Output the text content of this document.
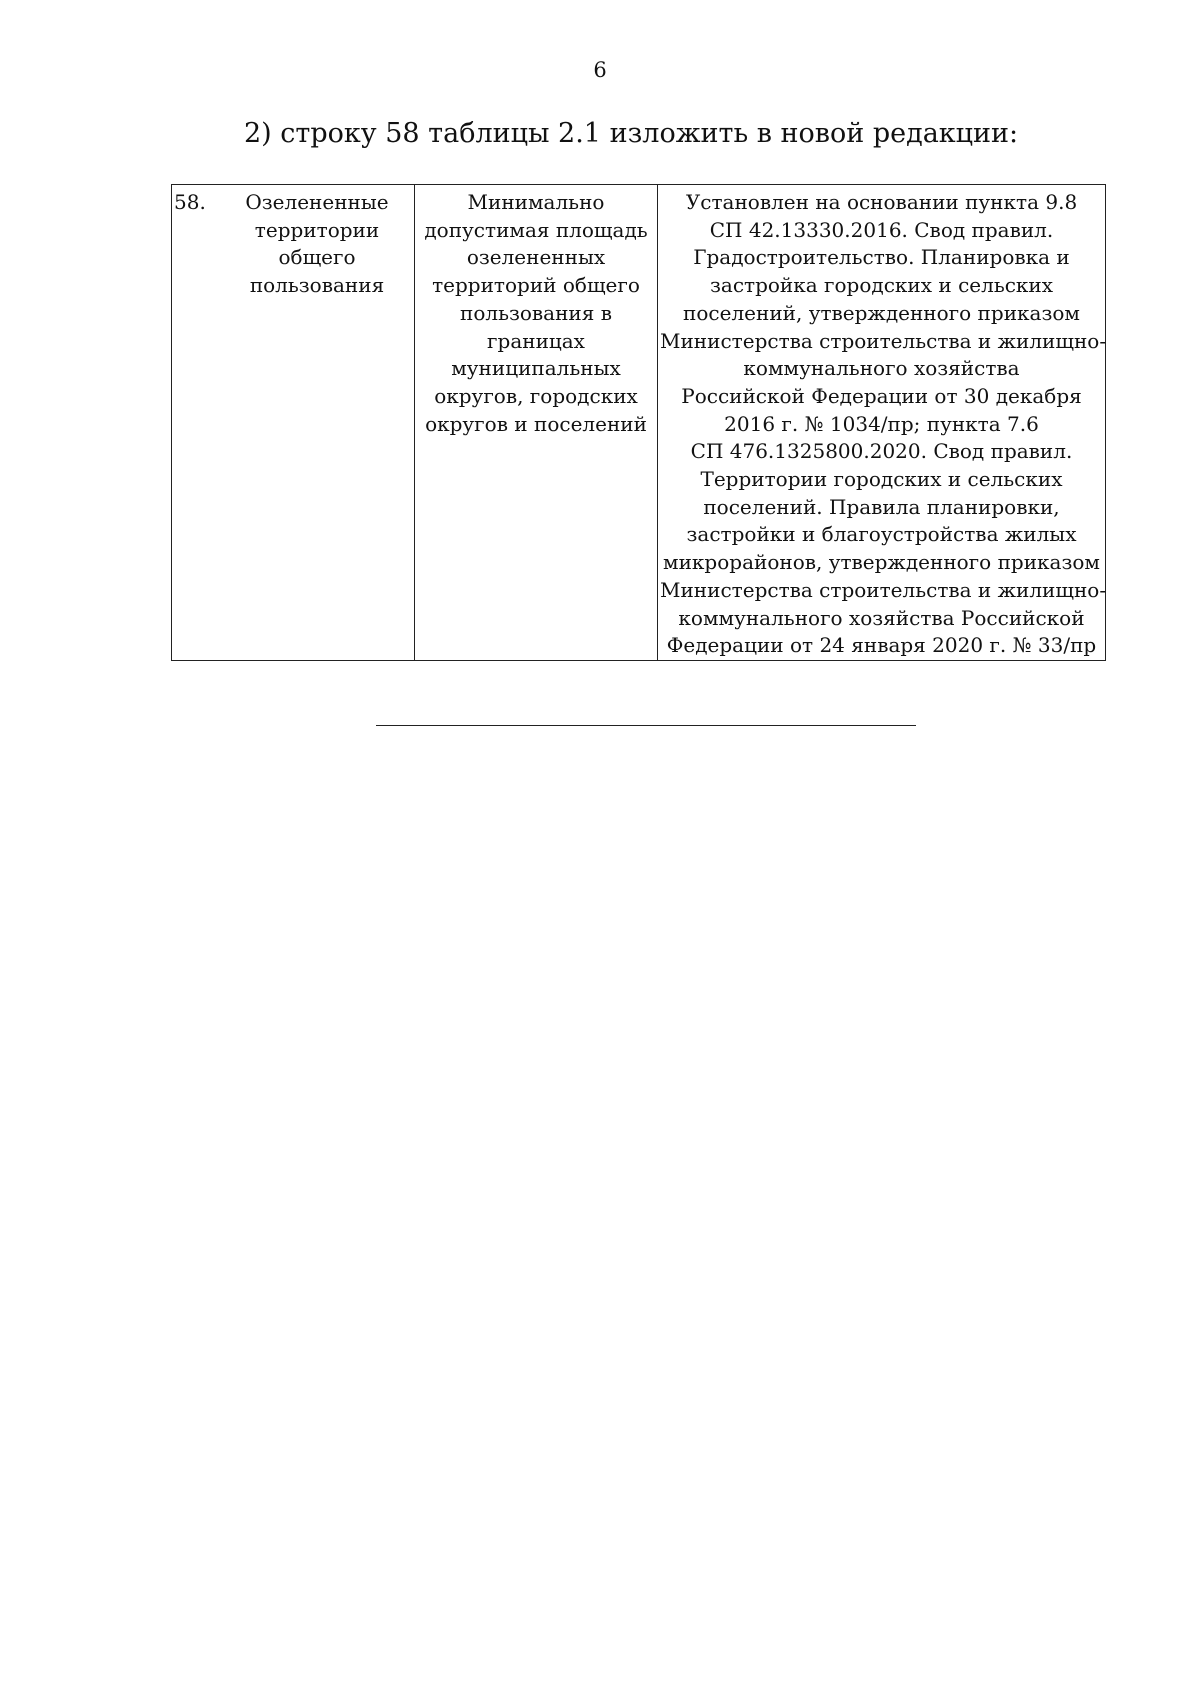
6
2) строку 58 таблицы 2.1 изложить в новой редакции:
58.	Озелененные
территории
общего
пользования

Минимально
допустимая площадь
озелененных
территорий общего
пользования в
границах
муниципальных
округов, городских
округов и поселений

Установлен на основании пункта 9.8
СП 42.13330.2016. Свод правил.
Градостроительство. Планировка и
застройка городских и сельских
поселений, утвержденного приказом
Министерства строительства и жилищно-
коммунального хозяйства
Российской Федерации от 30 декабря
2016 г. № 1034/пр; пункта 7.6
СП 476.1325800.2020. Свод правил.
Территории городских и сельских
поселений. Правила планировки,
застройки и благоустройства жилых
микрорайонов, утвержденного приказом
Министерства строительства и жилищно-
коммунального хозяйства Российской
Федерации от 24 января 2020 г. № 33/пр
